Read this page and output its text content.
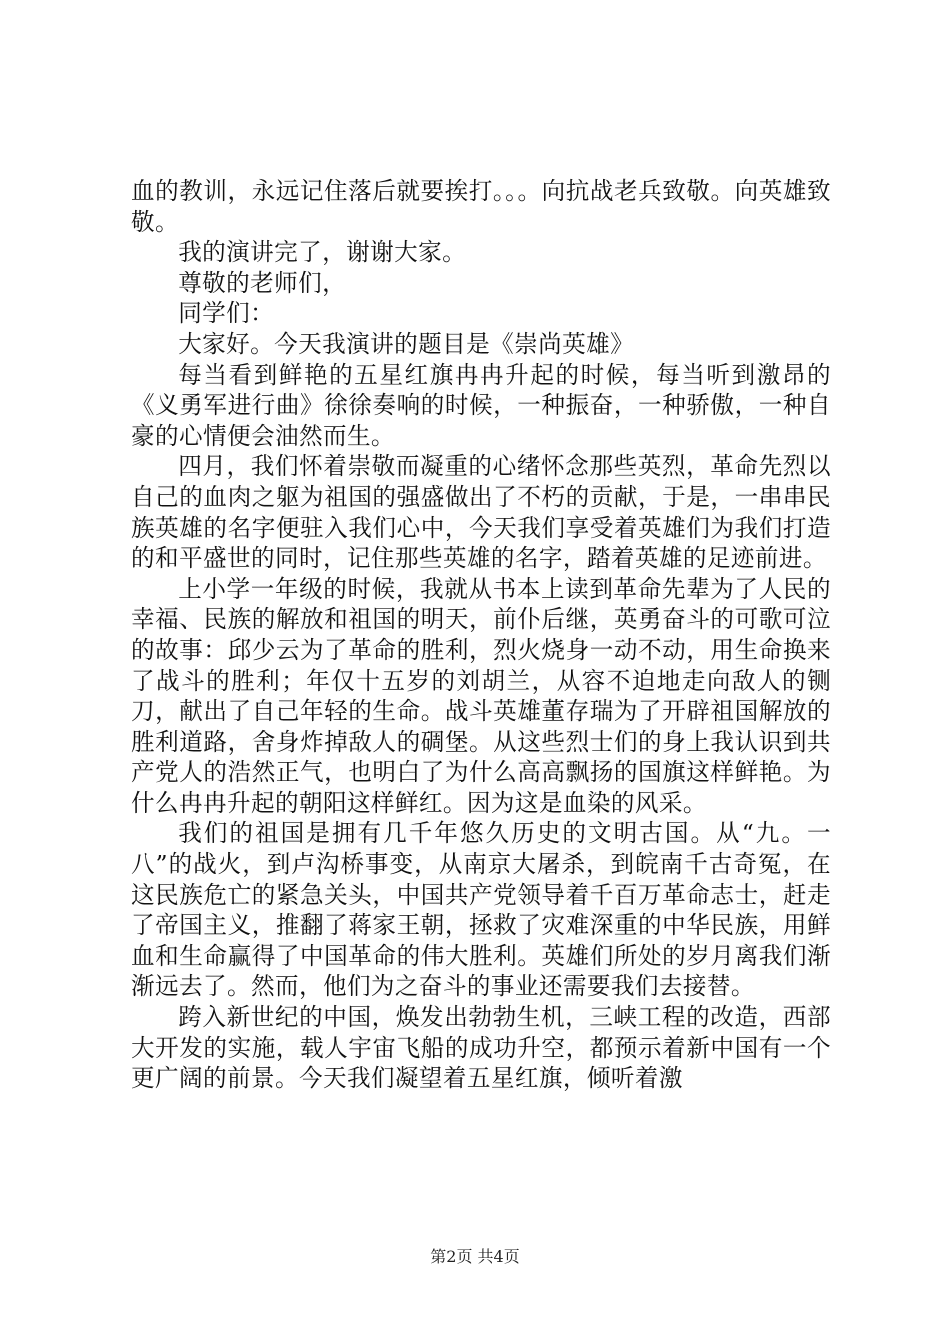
血的教训，永远记住落后就要挨打。。。向抗战老兵致敬。向英雄致敬。

我的演讲完了，谢谢大家。

尊敬的老师们，

同学们：

大家好。今天我演讲的题目是《崇尚英雄》

每当看到鲜艳的五星红旗冉冉升起的时候，每当听到激昂的《义勇军进行曲》徐徐奏响的时候，一种振奋，一种骄傲，一种自豪的心情便会油然而生。

四月，我们怀着崇敬而凝重的心绪怀念那些英烈，革命先烈以自己的血肉之躯为祖国的强盛做出了不朽的贡献，于是，一串串民族英雄的名字便驻入我们心中，今天我们享受着英雄们为我们打造的和平盛世的同时，记住那些英雄的名字，踏着英雄的足迹前进。

上小学一年级的时候，我就从书本上读到革命先辈为了人民的幸福、民族的解放和祖国的明天，前仆后继，英勇奋斗的可歌可泣的故事：邱少云为了革命的胜利，烈火烧身一动不动，用生命换来了战斗的胜利；年仅十五岁的刘胡兰，从容不迫地走向敌人的铡刀，献出了自己年轻的生命。战斗英雄董存瑞为了开辟祖国解放的胜利道路，舍身炸掉敌人的碉堡。从这些烈士们的身上我认识到共产党人的浩然正气，也明白了为什么高高飘扬的国旗这样鲜艳。为什么冉冉升起的朝阳这样鲜红。因为这是血染的风采。

我们的祖国是拥有几千年悠久历史的文明古国。从“九。一八”的战火，到卢沟桥事变，从南京大屠杀，到皖南千古奇冤，在这民族危亡的紧急关头，中国共产党领导着千百万革命志士，赶走了帝国主义，推翻了蒋家王朝，拯救了灾难深重的中华民族，用鲜血和生命赢得了中国革命的伟大胜利。英雄们所处的岁月离我们渐渐远去了。然而，他们为之奋斗的事业还需要我们去接替。

跨入新世纪的中国，焕发出勃勃生机，三峡工程的改造，西部大开发的实施，载人宇宙飞船的成功升空，都预示着新中国有一个更广阔的前景。今天我们凝望着五星红旗，倾听着激

第2页 共4页
